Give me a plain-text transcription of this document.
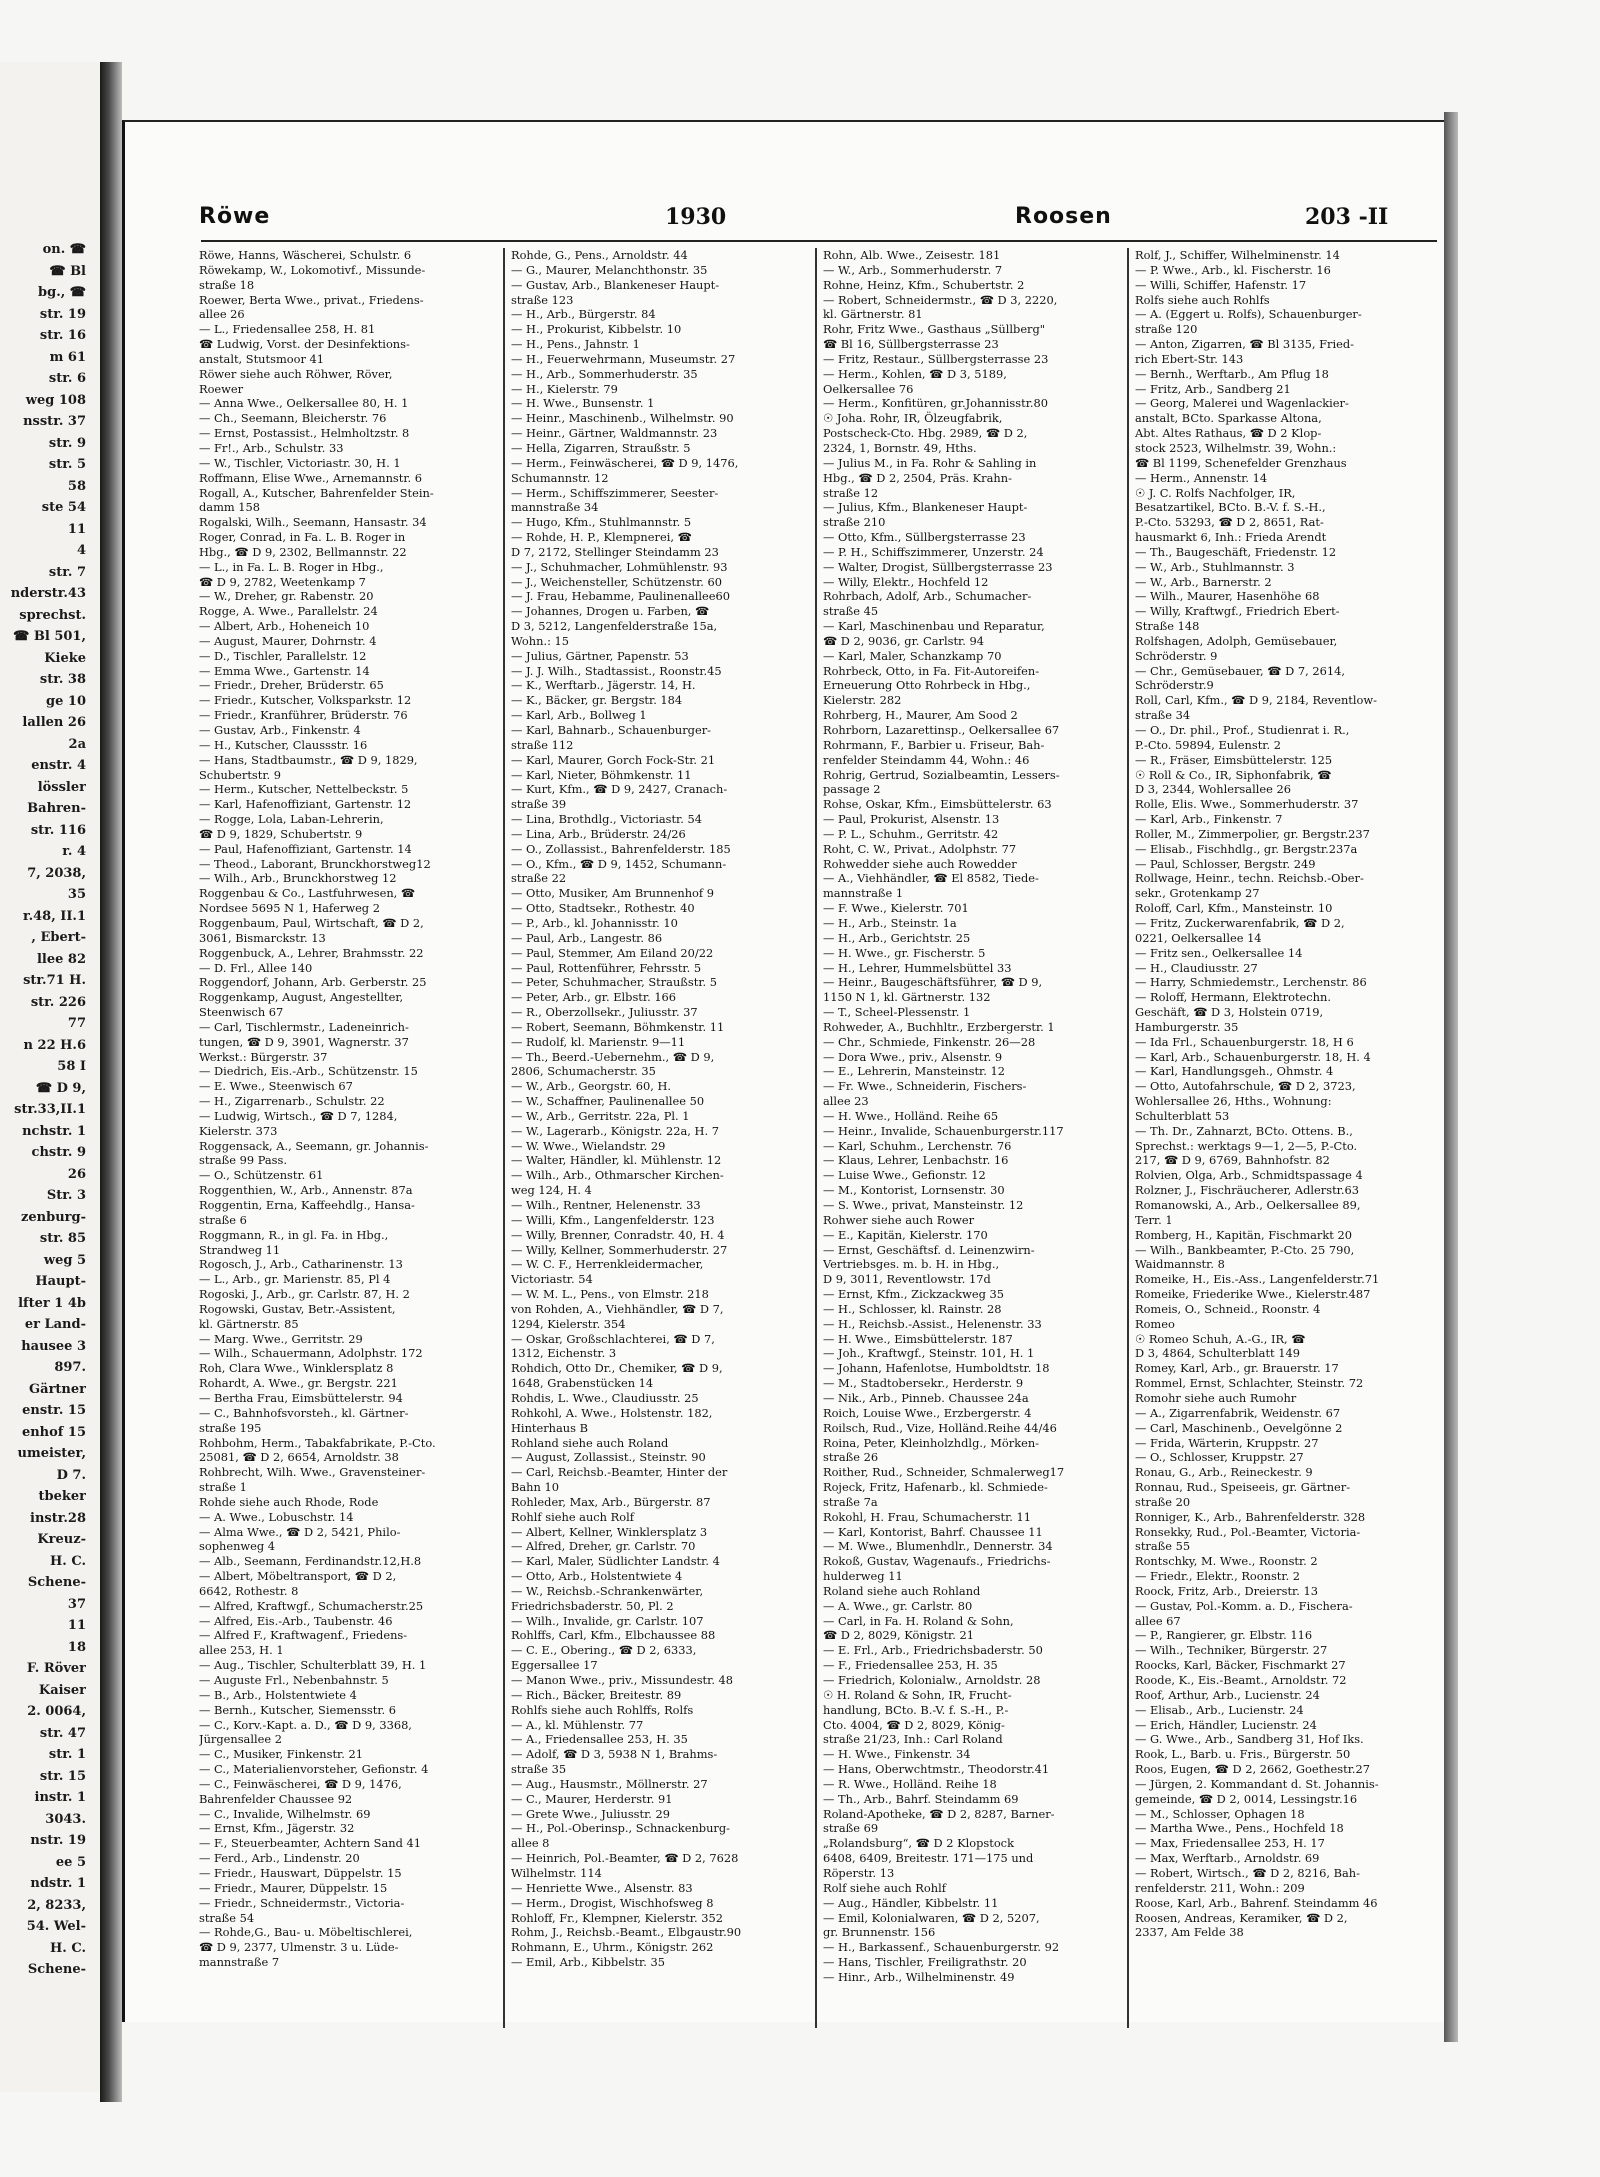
on. ☎
☎ Bl
bg., ☎
str. 19
str. 16
m 61
str. 6
weg 108
nsstr. 37
str. 9
str. 5
58
ste 54
11
4
str. 7
nderstr.43
sprechst.
☎ Bl 501,
Kieke
str. 38
ge 10
lallen 26
2a
enstr. 4
lössler
Bahren-
str. 116
r. 4
7, 2038,
35
r.48, II.1
, Ebert-
llee 82
str.71 H.
str. 226
77
n 22 H.6
58 I
☎ D 9,
str.33,II.1
nchstr. 1
chstr. 9
26
Str. 3
zenburg-
str. 85
weg 5
Haupt-
lfter 1 4b
er Land-
hausee 3
897.
Gärtner
enstr. 15
enhof 15
umeister,
D 7.
tbeker
instr.28
Kreuz-
H. C.
Schene-
37
11
18
F. Röver
Kaiser
2. 0064,
str. 47
str. 1
str. 15
instr. 1
3043.
nstr. 19
ee 5
ndstr. 1
2, 8233,
54. Wel-
H. C.
Schene-
Röwe	1930	Roosen	203 -II
Röwe, Hanns, Wäscherei, Schulstr. 6
Röwekamp, W., Lokomotivf., Missunde-
straße 18
Roewer, Berta Wwe., privat., Friedens-
allee 26
— L., Friedensallee 258, H. 81
☎ Ludwig, Vorst. der Desinfektions-
anstalt, Stutsmoor 41
Röwer siehe auch Röhwer, Röver,
Roewer
— Anna Wwe., Oelkersallee 80, H. 1
— Ch., Seemann, Bleicherstr. 76
— Ernst, Postassist., Helmholtzstr. 8
— Fr!., Arb., Schulstr. 33
— W., Tischler, Victoriastr. 30, H. 1
Roffmann, Elise Wwe., Arnemannstr. 6
Rogall, A., Kutscher, Bahrenfelder Stein-
damm 158
Rogalski, Wilh., Seemann, Hansastr. 34
Roger, Conrad, in Fa. L. B. Roger in
Hbg., ☎ D 9, 2302, Bellmannstr. 22
— L., in Fa. L. B. Roger in Hbg.,
☎ D 9, 2782, Weetenkamp 7
— W., Dreher, gr. Rabenstr. 20
Rogge, A. Wwe., Parallelstr. 24
— Albert, Arb., Hoheneich 10
— August, Maurer, Dohrnstr. 4
— D., Tischler, Parallelstr. 12
— Emma Wwe., Gartenstr. 14
— Friedr., Dreher, Brüderstr. 65
— Friedr., Kutscher, Volksparkstr. 12
— Friedr., Kranführer, Brüderstr. 76
— Gustav, Arb., Finkenstr. 4
— H., Kutscher, Claussstr. 16
— Hans, Stadtbaumstr., ☎ D 9, 1829,
Schubertstr. 9
— Herm., Kutscher, Nettelbeckstr. 5
— Karl, Hafenoffiziant, Gartenstr. 12
— Rogge, Lola, Laban-Lehrerin,
☎ D 9, 1829, Schubertstr. 9
— Paul, Hafenoffiziant, Gartenstr. 14
— Theod., Laborant, Brunckhorstweg12
— Wilh., Arb., Brunckhorstweg 12
Roggenbau & Co., Lastfuhrwesen, ☎
Nordsee 5695 N 1, Haferweg 2
Roggenbaum, Paul, Wirtschaft, ☎ D 2,
3061, Bismarckstr. 13
Roggenbuck, A., Lehrer, Brahmsstr. 22
— D. Frl., Allee 140
Roggendorf, Johann, Arb. Gerberstr. 25
Roggenkamp, August, Angestellter,
Steenwisch 67
— Carl, Tischlermstr., Ladeneinrich-
tungen, ☎ D 9, 3901, Wagnerstr. 37
Werkst.: Bürgerstr. 37
— Diedrich, Eis.-Arb., Schützenstr. 15
— E. Wwe., Steenwisch 67
— H., Zigarrenarb., Schulstr. 22
— Ludwig, Wirtsch., ☎ D 7, 1284,
Kielerstr. 373
Roggensack, A., Seemann, gr. Johannis-
straße 99 Pass.
— O., Schützenstr. 61
Roggenthien, W., Arb., Annenstr. 87a
Roggentin, Erna, Kaffeehdlg., Hansa-
straße 6
Roggmann, R., in gl. Fa. in Hbg.,
Strandweg 11
Rogosch, J., Arb., Catharinenstr. 13
— L., Arb., gr. Marienstr. 85, Pl 4
Rogoski, J., Arb., gr. Carlstr. 87, H. 2
Rogowski, Gustav, Betr.-Assistent,
kl. Gärtnerstr. 85
— Marg. Wwe., Gerritstr. 29
— Wilh., Schauermann, Adolphstr. 172
Roh, Clara Wwe., Winklersplatz 8
Rohardt, A. Wwe., gr. Bergstr. 221
— Bertha Frau, Eimsbüttelerstr. 94
— C., Bahnhofsvorsteh., kl. Gärtner-
straße 195
Rohbohm, Herm., Tabakfabrikate, P.-Cto.
25081, ☎ D 2, 6654, Arnoldstr. 38
Rohbrecht, Wilh. Wwe., Gravensteiner-
straße 1
Rohde siehe auch Rhode, Rode
— A. Wwe., Lobuschstr. 14
— Alma Wwe., ☎ D 2, 5421, Philo-
sophenweg 4
— Alb., Seemann, Ferdinandstr.12,H.8
— Albert, Möbeltransport, ☎ D 2,
6642, Rothestr. 8
— Alfred, Kraftwgf., Schumacherstr.25
— Alfred, Eis.-Arb., Taubenstr. 46
— Alfred F., Kraftwagenf., Friedens-
allee 253, H. 1
— Aug., Tischler, Schulterblatt 39, H. 1
— Auguste Frl., Nebenbahnstr. 5
— B., Arb., Holstentwiete 4
— Bernh., Kutscher, Siemensstr. 6
— C., Korv.-Kapt. a. D., ☎ D 9, 3368,
Jürgensallee 2
— C., Musiker, Finkenstr. 21
— C., Materialienvorsteher, Gefionstr. 4
— C., Feinwäscherei, ☎ D 9, 1476,
Bahrenfelder Chaussee 92
— C., Invalide, Wilhelmstr. 69
— Ernst, Kfm., Jägerstr. 32
— F., Steuerbeamter, Achtern Sand 41
— Ferd., Arb., Lindenstr. 20
— Friedr., Hauswart, Düppelstr. 15
— Friedr., Maurer, Düppelstr. 15
— Friedr., Schneidermstr., Victoria-
straße 54
— Rohde,G., Bau- u. Möbeltischlerei,
☎ D 9, 2377, Ulmenstr. 3 u. Lüde-
mannstraße 7
Rohde, G., Pens., Arnoldstr. 44
— G., Maurer, Melanchthonstr. 35
— Gustav, Arb., Blankeneser Haupt-
straße 123
— H., Arb., Bürgerstr. 84
— H., Prokurist, Kibbelstr. 10
— H., Pens., Jahnstr. 1
— H., Feuerwehrmann, Museumstr. 27
— H., Arb., Sommerhuderstr. 35
— H., Kielerstr. 79
— H. Wwe., Bunsenstr. 1
— Heinr., Maschinenb., Wilhelmstr. 90
— Heinr., Gärtner, Waldmannstr. 23
— Hella, Zigarren, Straußstr. 5
— Herm., Feinwäscherei, ☎ D 9, 1476,
Schumannstr. 12
— Herm., Schiffszimmerer, Seester-
mannstraße 34
— Hugo, Kfm., Stuhlmannstr. 5
— Rohde, H. P., Klempnerei, ☎
D 7, 2172, Stellinger Steindamm 23
— J., Schuhmacher, Lohmühlenstr. 93
— J., Weichensteller, Schützenstr. 60
— J. Frau, Hebamme, Paulinenallee60
— Johannes, Drogen u. Farben, ☎
D 3, 5212, Langenfelderstraße 15a,
Wohn.: 15
— Julius, Gärtner, Papenstr. 53
— J. J. Wilh., Stadtassist., Roonstr.45
— K., Werftarb., Jägerstr. 14, H.
— K., Bäcker, gr. Bergstr. 184
— Karl, Arb., Bollweg 1
— Karl, Bahnarb., Schauenburger-
straße 112
— Karl, Maurer, Gorch Fock-Str. 21
— Karl, Nieter, Böhmkenstr. 11
— Kurt, Kfm., ☎ D 9, 2427, Cranach-
straße 39
— Lina, Brothdlg., Victoriastr. 54
— Lina, Arb., Brüderstr. 24/26
— O., Zollassist., Bahrenfelderstr. 185
— O., Kfm., ☎ D 9, 1452, Schumann-
straße 22
— Otto, Musiker, Am Brunnenhof 9
— Otto, Stadtsekr., Rothestr. 40
— P., Arb., kl. Johannisstr. 10
— Paul, Arb., Langestr. 86
— Paul, Stemmer, Am Eiland 20/22
— Paul, Rottenführer, Fehrsstr. 5
— Peter, Schuhmacher, Straußstr. 5
— Peter, Arb., gr. Elbstr. 166
— R., Oberzollsekr., Juliusstr. 37
— Robert, Seemann, Böhmkenstr. 11
— Rudolf, kl. Marienstr. 9—11
— Th., Beerd.-Uebernehm., ☎ D 9,
2806, Schumacherstr. 35
— W., Arb., Georgstr. 60, H.
— W., Schaffner, Paulinenallee 50
— W., Arb., Gerritstr. 22a, Pl. 1
— W., Lagerarb., Königstr. 22a, H. 7
— W. Wwe., Wielandstr. 29
— Walter, Händler, kl. Mühlenstr. 12
— Wilh., Arb., Othmarscher Kirchen-
weg 124, H. 4
— Wilh., Rentner, Helenenstr. 33
— Willi, Kfm., Langenfelderstr. 123
— Willy, Brenner, Conradstr. 40, H. 4
— Willy, Kellner, Sommerhuderstr. 27
— W. C. F., Herrenkleidermacher,
Victoriastr. 54
— W. M. L., Pens., von Elmstr. 218
von Rohden, A., Viehhändler, ☎ D 7,
1294, Kielerstr. 354
— Oskar, Großschlachterei, ☎ D 7,
1312, Eichenstr. 3
Rohdich, Otto Dr., Chemiker, ☎ D 9,
1648, Grabenstücken 14
Rohdis, L. Wwe., Claudiusstr. 25
Rohkohl, A. Wwe., Holstenstr. 182,
Hinterhaus B
Rohland siehe auch Roland
— August, Zollassist., Steinstr. 90
— Carl, Reichsb.-Beamter, Hinter der
Bahn 10
Rohleder, Max, Arb., Bürgerstr. 87
Rohlf siehe auch Rolf
— Albert, Kellner, Winklersplatz 3
— Alfred, Dreher, gr. Carlstr. 70
— Karl, Maler, Südlichter Landstr. 4
— Otto, Arb., Holstentwiete 4
— W., Reichsb.-Schrankenwärter,
Friedrichsbaderstr. 50, Pl. 2
— Wilh., Invalide, gr. Carlstr. 107
Rohlffs, Carl, Kfm., Elbchaussee 88
— C. E., Obering., ☎ D 2, 6333,
Eggersallee 17
— Manon Wwe., priv., Missundestr. 48
— Rich., Bäcker, Breitestr. 89
Rohlfs siehe auch Rohlffs, Rolfs
— A., kl. Mühlenstr. 77
— A., Friedensallee 253, H. 35
— Adolf, ☎ D 3, 5938 N 1, Brahms-
straße 35
— Aug., Hausmstr., Möllnerstr. 27
— C., Maurer, Herderstr. 91
— Grete Wwe., Juliusstr. 29
— H., Pol.-Oberinsp., Schnackenburg-
allee 8
— Heinrich, Pol.-Beamter, ☎ D 2, 7628
Wilhelmstr. 114
— Henriette Wwe., Alsenstr. 83
— Herm., Drogist, Wischhofsweg 8
Rohloff, Fr., Klempner, Kielerstr. 352
Rohm, J., Reichsb.-Beamt., Elbgaustr.90
Rohmann, E., Uhrm., Königstr. 262
— Emil, Arb., Kibbelstr. 35
Rohn, Alb. Wwe., Zeisestr. 181
— W., Arb., Sommerhuderstr. 7
Rohne, Heinz, Kfm., Schubertstr. 2
— Robert, Schneidermstr., ☎ D 3, 2220,
kl. Gärtnerstr. 81
Rohr, Fritz Wwe., Gasthaus „Süllberg"
☎ Bl 16, Süllbergsterrasse 23
— Fritz, Restaur., Süllbergsterrasse 23
— Herm., Kohlen, ☎ D 3, 5189,
Oelkersallee 76
— Herm., Konfitüren, gr.Johannisstr.80
☉ Joha. Rohr, IR, Ölzeugfabrik,
Postscheck-Cto. Hbg. 2989, ☎ D 2,
2324, 1, Bornstr. 49, Hths.
— Julius M., in Fa. Rohr & Sahling in
Hbg., ☎ D 2, 2504, Präs. Krahn-
straße 12
— Julius, Kfm., Blankeneser Haupt-
straße 210
— Otto, Kfm., Süllbergsterrasse 23
— P. H., Schiffszimmerer, Unzerstr. 24
— Walter, Drogist, Süllbergsterrasse 23
— Willy, Elektr., Hochfeld 12
Rohrbach, Adolf, Arb., Schumacher-
straße 45
— Karl, Maschinenbau und Reparatur,
☎ D 2, 9036, gr. Carlstr. 94
— Karl, Maler, Schanzkamp 70
Rohrbeck, Otto, in Fa. Fit-Autoreifen-
Erneuerung Otto Rohrbeck in Hbg.,
Kielerstr. 282
Rohrberg, H., Maurer, Am Sood 2
Rohrborn, Lazarettinsp., Oelkersallee 67
Rohrmann, F., Barbier u. Friseur, Bah-
renfelder Steindamm 44, Wohn.: 46
Rohrig, Gertrud, Sozialbeamtin, Lessers-
passage 2
Rohse, Oskar, Kfm., Eimsbüttelerstr. 63
— Paul, Prokurist, Alsenstr. 13
— P. L., Schuhm., Gerritstr. 42
Roht, C. W., Privat., Adolphstr. 77
Rohwedder siehe auch Rowedder
— A., Viehhändler, ☎ El 8582, Tiede-
mannstraße 1
— F. Wwe., Kielerstr. 701
— H., Arb., Steinstr. 1a
— H., Arb., Gerichtstr. 25
— H. Wwe., gr. Fischerstr. 5
— H., Lehrer, Hummelsbüttel 33
— Heinr., Baugeschäftsführer, ☎ D 9,
1150 N 1, kl. Gärtnerstr. 132
— T., Scheel-Plessenstr. 1
Rohweder, A., Buchhltr., Erzbergerstr. 1
— Chr., Schmiede, Finkenstr. 26—28
— Dora Wwe., priv., Alsenstr. 9
— E., Lehrerin, Mansteinstr. 12
— Fr. Wwe., Schneiderin, Fischers-
allee 23
— H. Wwe., Holländ. Reihe 65
— Heinr., Invalide, Schauenburgerstr.117
— Karl, Schuhm., Lerchenstr. 76
— Klaus, Lehrer, Lenbachstr. 16
— Luise Wwe., Gefionstr. 12
— M., Kontorist, Lornsenstr. 30
— S. Wwe., privat, Mansteinstr. 12
Rohwer siehe auch Rower
— E., Kapitän, Kielerstr. 170
— Ernst, Geschäftsf. d. Leinenzwirn-
Vertriebsges. m. b. H. in Hbg.,
D 9, 3011, Reventlowstr. 17d
— Ernst, Kfm., Zickzackweg 35
— H., Schlosser, kl. Rainstr. 28
— H., Reichsb.-Assist., Helenenstr. 33
— H. Wwe., Eimsbüttelerstr. 187
— Joh., Kraftwgf., Steinstr. 101, H. 1
— Johann, Hafenlotse, Humboldtstr. 18
— M., Stadtobersekr., Herderstr. 9
— Nik., Arb., Pinneb. Chaussee 24a
Roich, Louise Wwe., Erzbergerstr. 4
Roilsch, Rud., Vize, Holländ.Reihe 44/46
Roina, Peter, Kleinholzhdlg., Mörken-
straße 26
Roither, Rud., Schneider, Schmalerweg17
Rojeck, Fritz, Hafenarb., kl. Schmiede-
straße 7a
Rokohl, H. Frau, Schumacherstr. 11
— Karl, Kontorist, Bahrf. Chaussee 11
— M. Wwe., Blumenhdlr., Dennerstr. 34
Rokoß, Gustav, Wagenaufs., Friedrichs-
hulderweg 11
Roland siehe auch Rohland
— A. Wwe., gr. Carlstr. 80
— Carl, in Fa. H. Roland & Sohn,
☎ D 2, 8029, Königstr. 21
— E. Frl., Arb., Friedrichsbaderstr. 50
— F., Friedensallee 253, H. 35
— Friedrich, Kolonialw., Arnoldstr. 28
☉ H. Roland & Sohn, IR, Frucht-
handlung, BCto. B.-V. f. S.-H., P.-
Cto. 4004, ☎ D 2, 8029, König-
straße 21/23, Inh.: Carl Roland
— H. Wwe., Finkenstr. 34
— Hans, Oberwchtmstr., Theodorstr.41
— R. Wwe., Holländ. Reihe 18
— Th., Arb., Bahrf. Steindamm 69
Roland-Apotheke, ☎ D 2, 8287, Barner-
straße 69
„Rolandsburg“, ☎ D 2 Klopstock
6408, 6409, Breitestr. 171—175 und
Röperstr. 13
Rolf siehe auch Rohlf
— Aug., Händler, Kibbelstr. 11
— Emil, Kolonialwaren, ☎ D 2, 5207,
gr. Brunnenstr. 156
— H., Barkassenf., Schauenburgerstr. 92
— Hans, Tischler, Freiligrathstr. 20
— Hinr., Arb., Wilhelminenstr. 49
Rolf, J., Schiffer, Wilhelminenstr. 14
— P. Wwe., Arb., kl. Fischerstr. 16
— Willi, Schiffer, Hafenstr. 17
Rolfs siehe auch Rohlfs
— A. (Eggert u. Rolfs), Schauenburger-
straße 120
— Anton, Zigarren, ☎ Bl 3135, Fried-
rich Ebert-Str. 143
— Bernh., Werftarb., Am Pflug 18
— Fritz, Arb., Sandberg 21
— Georg, Malerei und Wagenlackier-
anstalt, BCto. Sparkasse Altona,
Abt. Altes Rathaus, ☎ D 2 Klop-
stock 2523, Wilhelmstr. 39, Wohn.:
☎ Bl 1199, Schenefelder Grenzhaus
— Herm., Annenstr. 14
☉ J. C. Rolfs Nachfolger, IR,
Besatzartikel, BCto. B.-V. f. S.-H.,
P.-Cto. 53293, ☎ D 2, 8651, Rat-
hausmarkt 6, Inh.: Frieda Arendt
— Th., Baugeschäft, Friedenstr. 12
— W., Arb., Stuhlmannstr. 3
— W., Arb., Barnerstr. 2
— Wilh., Maurer, Hasenhöhe 68
— Willy, Kraftwgf., Friedrich Ebert-
Straße 148
Rolfshagen, Adolph, Gemüsebauer,
Schröderstr. 9
— Chr., Gemüsebauer, ☎ D 7, 2614,
Schröderstr.9
Roll, Carl, Kfm., ☎ D 9, 2184, Reventlow-
straße 34
— O., Dr. phil., Prof., Studienrat i. R.,
P.-Cto. 59894, Eulenstr. 2
— R., Fräser, Eimsbüttelerstr. 125
☉ Roll & Co., IR, Siphonfabrik, ☎
D 3, 2344, Wohlersallee 26
Rolle, Elis. Wwe., Sommerhuderstr. 37
— Karl, Arb., Finkenstr. 7
Roller, M., Zimmerpolier, gr. Bergstr.237
— Elisab., Fischhdlg., gr. Bergstr.237a
— Paul, Schlosser, Bergstr. 249
Rollwage, Heinr., techn. Reichsb.-Ober-
sekr., Grotenkamp 27
Roloff, Carl, Kfm., Mansteinstr. 10
— Fritz, Zuckerwarenfabrik, ☎ D 2,
0221, Oelkersallee 14
— Fritz sen., Oelkersallee 14
— H., Claudiusstr. 27
— Harry, Schmiedemstr., Lerchenstr. 86
— Roloff, Hermann, Elektrotechn.
Geschäft, ☎ D 3, Holstein 0719,
Hamburgerstr. 35
— Ida Frl., Schauenburgerstr. 18, H 6
— Karl, Arb., Schauenburgerstr. 18, H. 4
— Karl, Handlungsgeh., Ohmstr. 4
— Otto, Autofahrschule, ☎ D 2, 3723,
Wohlersallee 26, Hths., Wohnung:
Schulterblatt 53
— Th. Dr., Zahnarzt, BCto. Ottens. B.,
Sprechst.: werktags 9—1, 2—5, P.-Cto.
217, ☎ D 9, 6769, Bahnhofstr. 82
Rolvien, Olga, Arb., Schmidtspassage 4
Rolzner, J., Fischräucherer, Adlerstr.63
Romanowski, A., Arb., Oelkersallee 89,
Terr. 1
Romberg, H., Kapitän, Fischmarkt 20
— Wilh., Bankbeamter, P.-Cto. 25 790,
Waidmannstr. 8
Romeike, H., Eis.-Ass., Langenfelderstr.71
Romeike, Friederike Wwe., Kielerstr.487
Romeis, O., Schneid., Roonstr. 4
Romeo
☉ Romeo Schuh, A.-G., IR, ☎
D 3, 4864, Schulterblatt 149
Romey, Karl, Arb., gr. Brauerstr. 17
Rommel, Ernst, Schlachter, Steinstr. 72
Romohr siehe auch Rumohr
— A., Zigarrenfabrik, Weidenstr. 67
— Carl, Maschinenb., Oevelgönne 2
— Frida, Wärterin, Kruppstr. 27
— O., Schlosser, Kruppstr. 27
Ronau, G., Arb., Reineckestr. 9
Ronnau, Rud., Speiseeis, gr. Gärtner-
straße 20
Ronniger, K., Arb., Bahrenfelderstr. 328
Ronsekky, Rud., Pol.-Beamter, Victoria-
straße 55
Rontschky, M. Wwe., Roonstr. 2
— Friedr., Elektr., Roonstr. 2
Roock, Fritz, Arb., Dreierstr. 13
— Gustav, Pol.-Komm. a. D., Fischera-
allee 67
— P., Rangierer, gr. Elbstr. 116
— Wilh., Techniker, Bürgerstr. 27
Roocks, Karl, Bäcker, Fischmarkt 27
Roode, K., Eis.-Beamt., Arnoldstr. 72
Roof, Arthur, Arb., Lucienstr. 24
— Elisab., Arb., Lucienstr. 24
— Erich, Händler, Lucienstr. 24
— G. Wwe., Arb., Sandberg 31, Hof Iks.
Rook, L., Barb. u. Fris., Bürgerstr. 50
Roos, Eugen, ☎ D 2, 2662, Goethestr.27
— Jürgen, 2. Kommandant d. St. Johannis-
gemeinde, ☎ D 2, 0014, Lessingstr.16
— M., Schlosser, Ophagen 18
— Martha Wwe., Pens., Hochfeld 18
— Max, Friedensallee 253, H. 17
— Max, Werftarb., Arnoldstr. 69
— Robert, Wirtsch., ☎ D 2, 8216, Bah-
renfelderstr. 211, Wohn.: 209
Roose, Karl, Arb., Bahrenf. Steindamm 46
Roosen, Andreas, Keramiker, ☎ D 2,
2337, Am Felde 38
